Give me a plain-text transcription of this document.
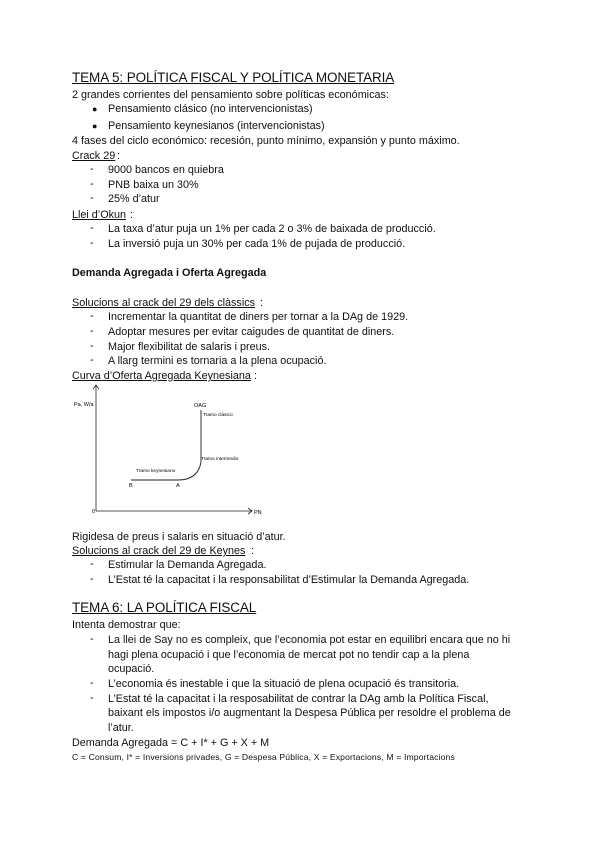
TEMA 5: POLÍTICA FISCAL Y POLÍTICA MONETARIA
2 grandes corrientes del pensamiento sobre políticas económicas:
● Pensamiento clásico (no intervencionistas)
● Pensamiento keynesianos (intervencionistas)
4 fases del ciclo económico: recesión, punto mínimo, expansión y punto máximo.
Crack 29 :
- 9000 bancos en quiebra
- PNB baixa un 30%
- 25% d’atur
Llei d’Okun :
- La taxa d’atur puja un 1% per cada 2 o 3% de baixada de producció.
- La inversió puja un 30% per cada 1% de pujada de producció.
Demanda Agregada i Oferta Agregada
Solucions al crack del 29 dels clàssics :
- Incrementar la quantitat de diners per tornar a la DAg de 1929.
- Adoptar mesures per evitar caigudes de quantitat de diners.
- Major flexibilitat de salaris i preus.
- A llarg termini es tornaria a la plena ocupació.
Curva d’Oferta Agregada Keynesiana :
Pa, W/a
PN
0
OAG
Tramo clásico
Tramo intermedio
Tramo keynesiano
B	A
Rigidesa de preus i salaris en situació d’atur.
Solucions al crack del 29 de Keynes :
- Estimular la Demanda Agregada.
- L’Estat té la capacitat i la responsabilitat d’Estimular la Demanda Agregada.
TEMA 6: LA POLÍTICA FISCAL
Intenta demostrar que:
- La llei de Say no es compleix, que l’economia pot estar en equilibri encara que no hi
hagi plena ocupació i que l’economia de mercat pot no tendir cap a la plena
ocupació.
- L’economia és inestable i que la situació de plena ocupació és transitoria.
- L’Estat té la capacitat i la resposabilitat de contrar la DAg amb la Política Fiscal,
baixant els impostos i/o augmentant la Despesa Pública per resoldre el problema de
l’atur.
Demanda Agregada = C + I* + G + X + M
C = Consum, I* = Inversions privades, G = Despesa Pública, X = Exportacions, M = Importacions
